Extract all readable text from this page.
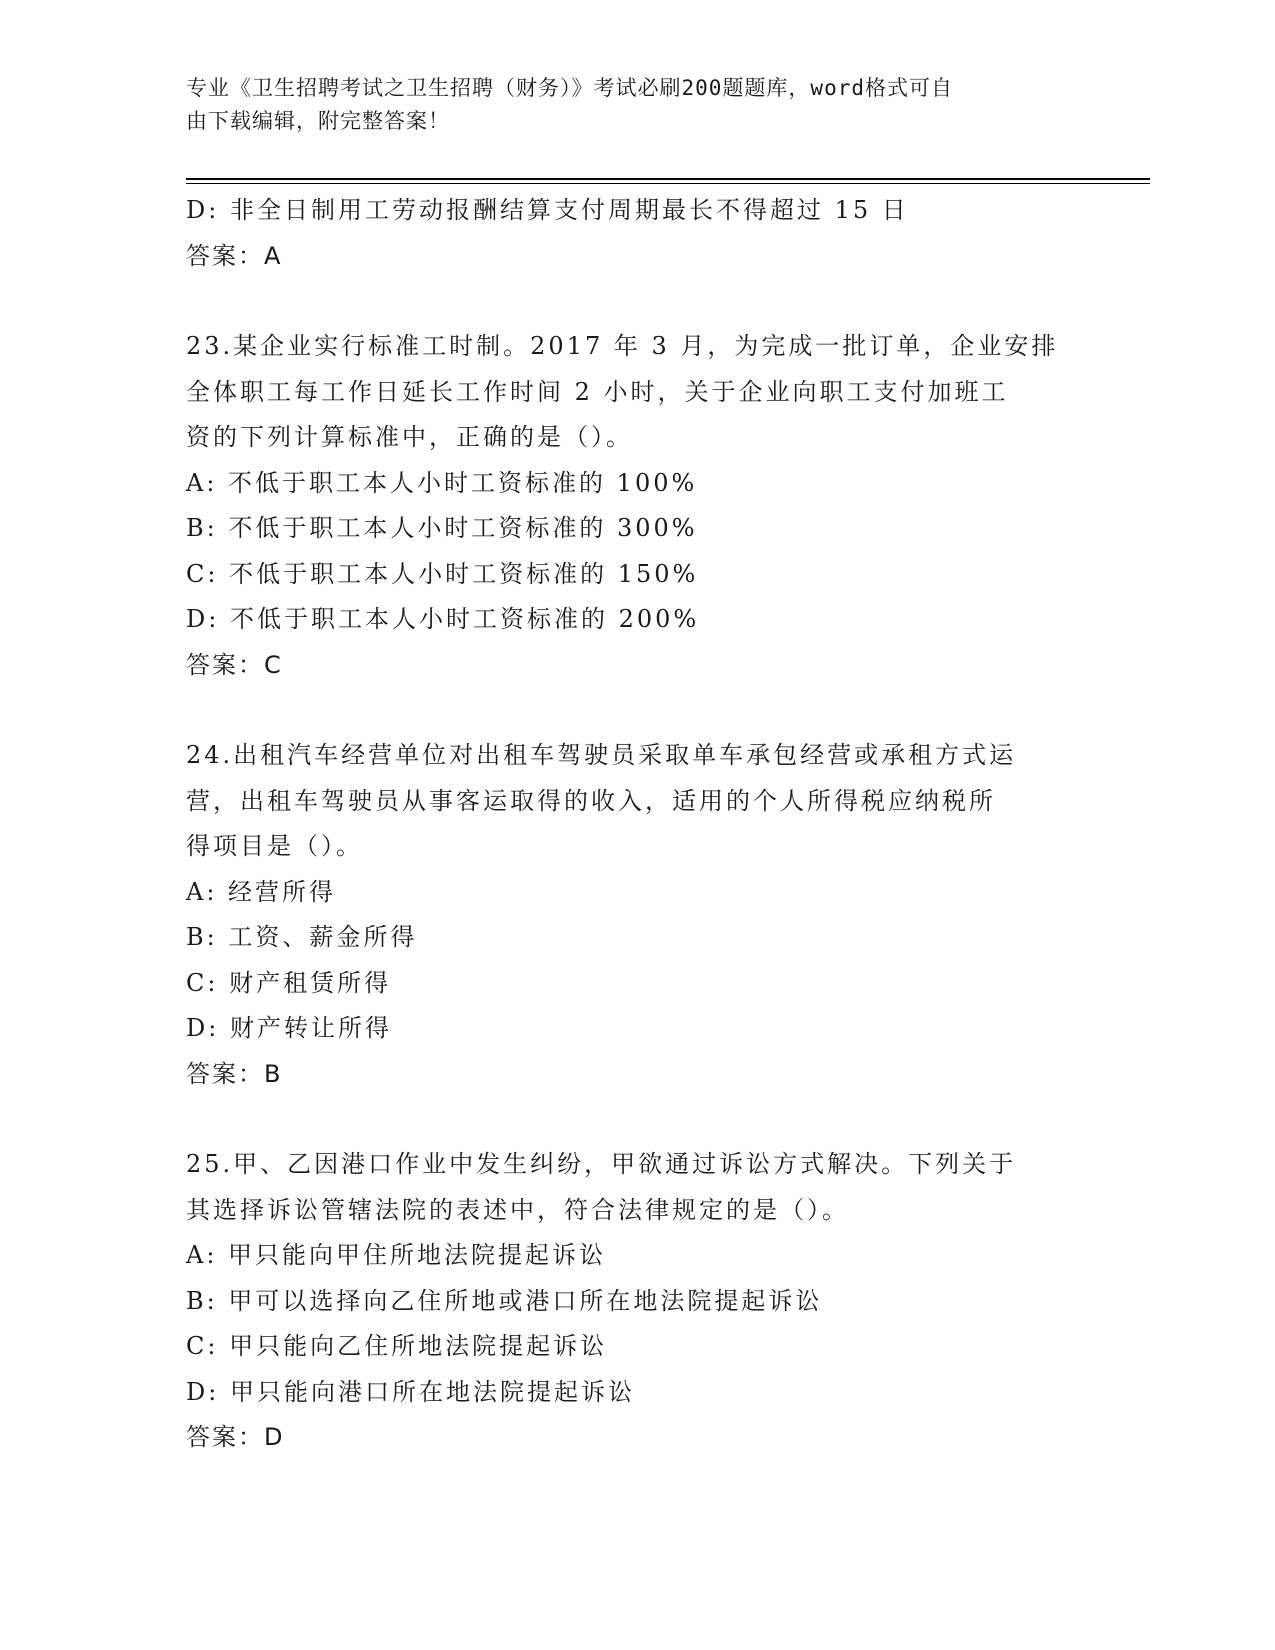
专业《卫生招聘考试之卫生招聘（财务）》考试必刷200题题库，word格式可自
由下载编辑，附完整答案！
D: 非全日制用工劳动报酬结算支付周期最长不得超过 15 日
答案：A
23.某企业实行标准工时制。2017 年 3 月，为完成一批订单，企业安排
全体职工每工作日延长工作时间 2 小时，关于企业向职工支付加班工
资的下列计算标准中，正确的是（）。
A: 不低于职工本人小时工资标准的 100%
B: 不低于职工本人小时工资标准的 300%
C: 不低于职工本人小时工资标准的 150%
D: 不低于职工本人小时工资标准的 200%
答案：C
24.出租汽车经营单位对出租车驾驶员采取单车承包经营或承租方式运
营，出租车驾驶员从事客运取得的收入，适用的个人所得税应纳税所
得项目是（）。
A: 经营所得
B: 工资、薪金所得
C: 财产租赁所得
D: 财产转让所得
答案：B
25.甲、乙因港口作业中发生纠纷，甲欲通过诉讼方式解决。下列关于
其选择诉讼管辖法院的表述中，符合法律规定的是（）。
A: 甲只能向甲住所地法院提起诉讼
B: 甲可以选择向乙住所地或港口所在地法院提起诉讼
C: 甲只能向乙住所地法院提起诉讼
D: 甲只能向港口所在地法院提起诉讼
答案：D
